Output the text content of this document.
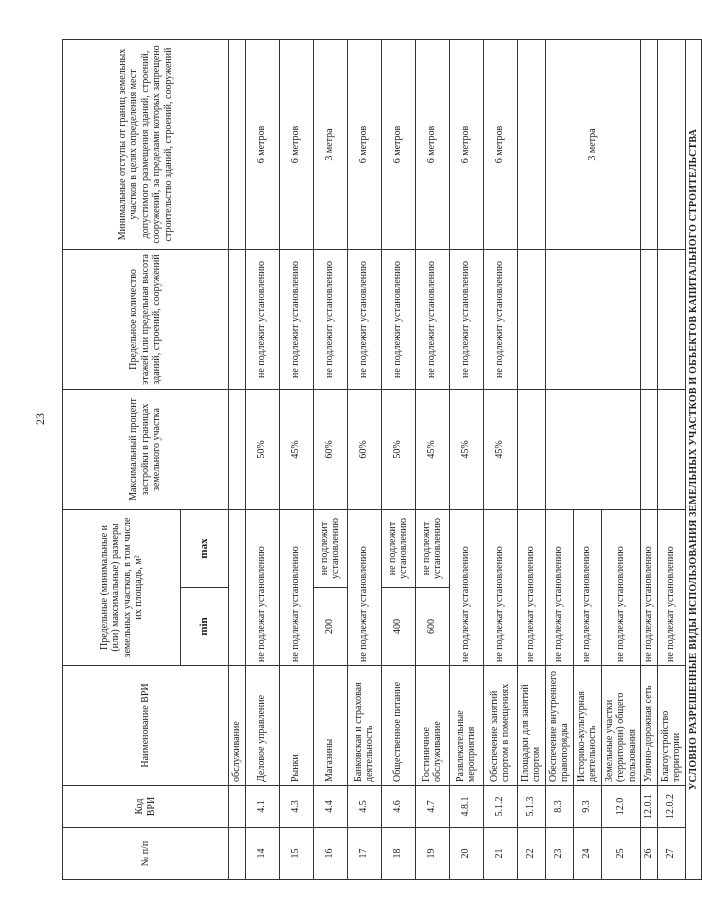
23
№ п/п	Код ВРИ	Наименование ВРИ	Предельные (минимальные и (или) максимальные) размеры земельных участков, в том числе их площадь, м²		Максимальный процент застройки в границах земельного участка	Предельное количество этажей или предельная высота зданий, строений, сооружений	Минимальные отступы от границ земельных участков в целях определения мест допустимого размещения зданий, строений, сооружений, за пределами которых запрещено строительство зданий, строений, сооружений
			min	max			
		обслуживание					
14	4.1	Деловое управление	не подлежат установлению		50%	не подлежит установлению	6 метров
15	4.3	Рынки	не подлежат установлению		45%	не подлежит установлению	6 метров
16	4.4	Магазины	200	не подлежит установлению	60%	не подлежит установлению	3 метра
17	4.5	Банковская и страховая деятельность	не подлежат установлению		60%	не подлежит установлению	6 метров
18	4.6	Общественное питание	400	не подлежит установлению	50%	не подлежит установлению	6 метров
19	4.7	Гостиничное обслуживание	600	не подлежит установлению	45%	не подлежит установлению	6 метров
20	4.8.1	Развлекательные мероприятия	не подлежат установлению		45%	не подлежит установлению	6 метров
21	5.1.2	Обеспечение занятий спортом в помещениях	не подлежат установлению		45%	не подлежит установлению	6 метров
22	5.1.3	Площадки для занятий спортом	не подлежат установлению				
23	8.3	Обеспечение внутреннего правопорядка	не подлежат установлению				3 метра
24	9.3	Историко-культурная деятельность	не подлежат установлению				
25	12.0	Земельные участки (территории) общего пользования	не подлежат установлению				
26	12.0.1	Улично-дорожная сеть	не подлежат установлению				
27	12.0.2	Благоустройство территории	не подлежат установлению				
УСЛОВНО РАЗРЕШЕННЫЕ ВИДЫ ИСПОЛЬЗОВАНИЯ ЗЕМЕЛЬНЫХ УЧАСТКОВ И ОБЪЕКТОВ КАПИТАЛЬНОГО СТРОИТЕЛЬСТВА							
